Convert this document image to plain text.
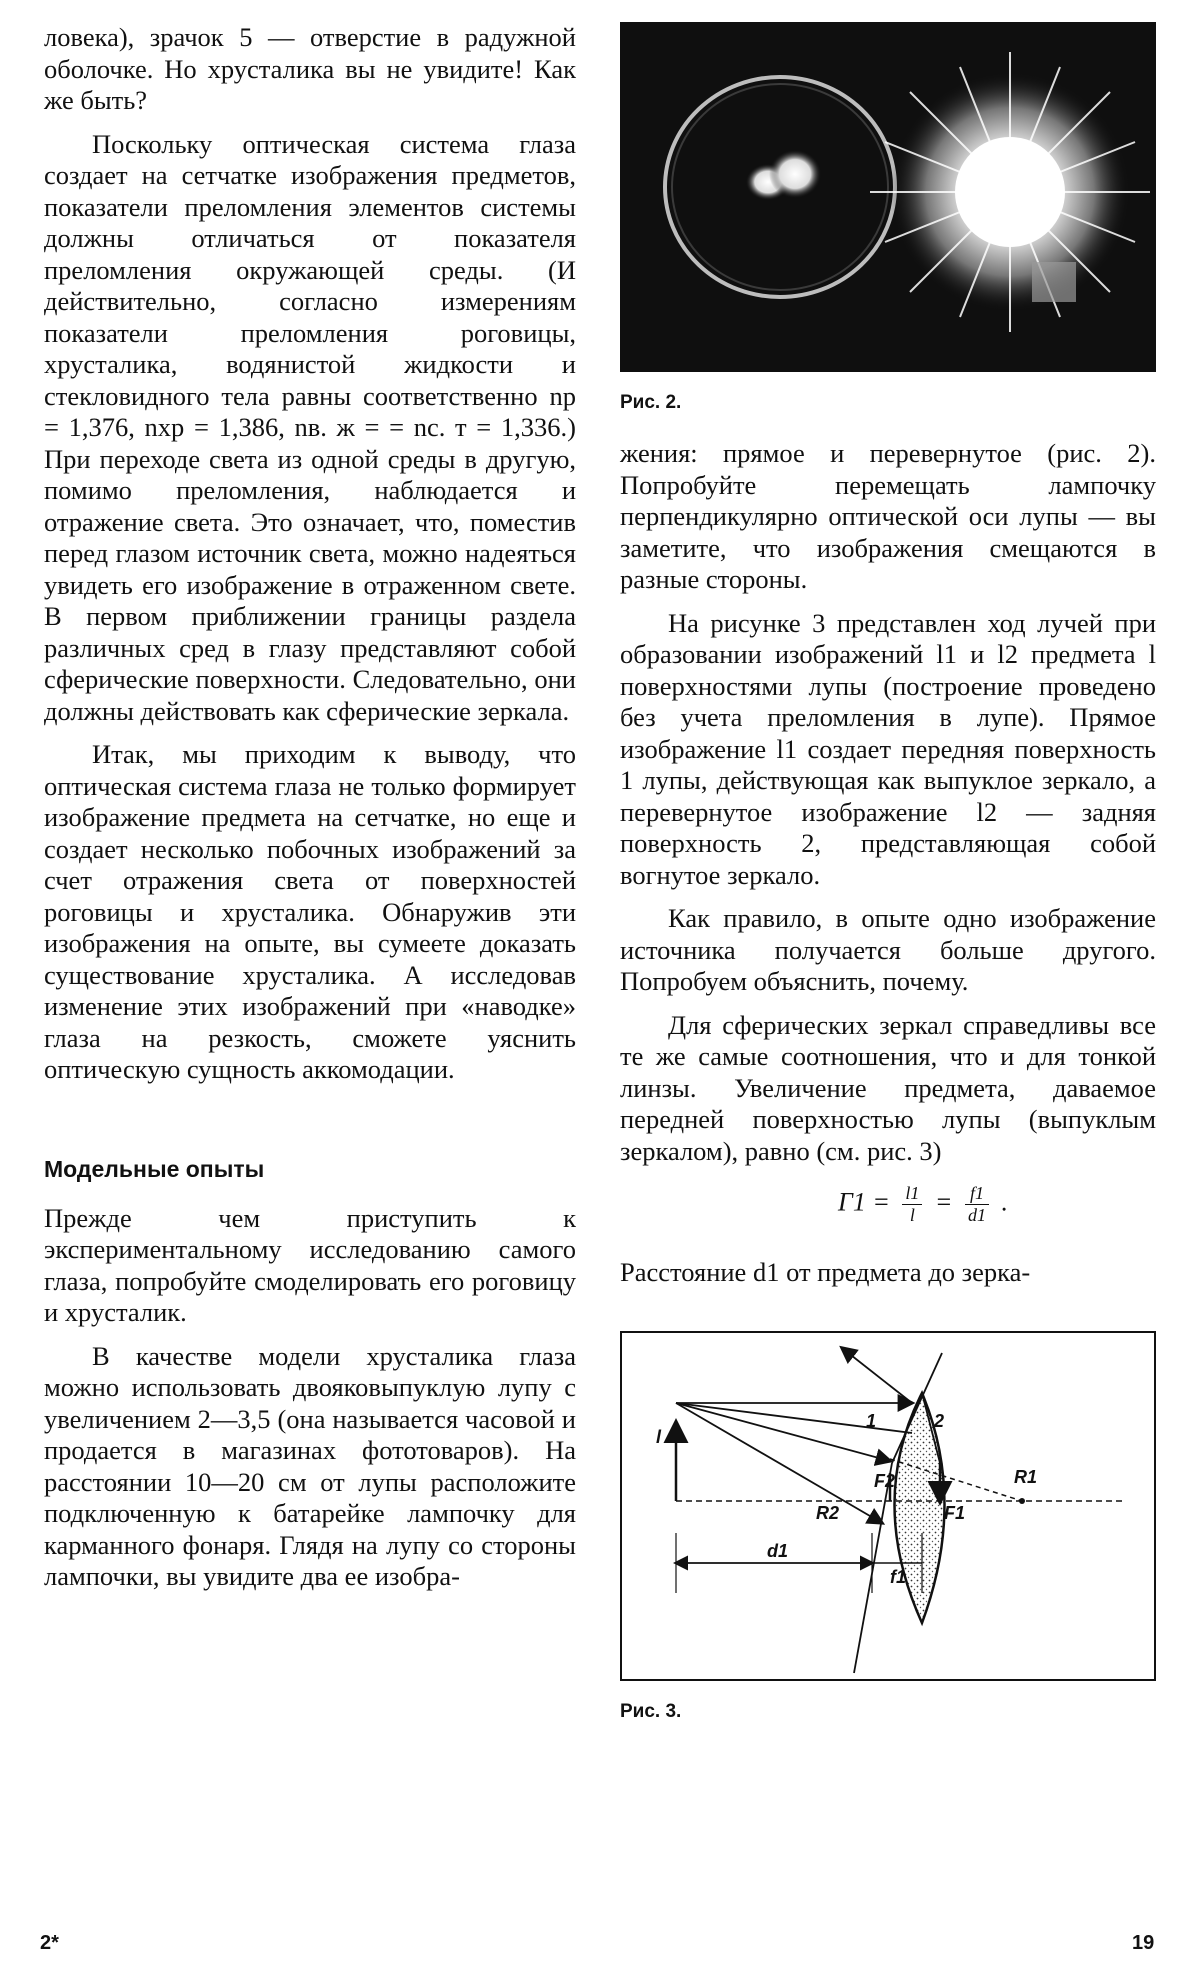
ловека), зрачок 5 — отверстие в радужной оболочке. Но хрусталика вы не увидите! Как же быть?

Поскольку оптическая система глаза создает на сетчатке изображения предметов, показатели преломления элементов системы должны отличаться от показателя преломления окружающей среды. (И действительно, согласно измерениям показатели преломления роговицы, хрусталика, водянистой жидкости и стекловидного тела равны соответственно nр = 1,376, nхр = 1,386, nв. ж = = nс. т = 1,336.) При переходе света из одной среды в другую, помимо преломления, наблюдается и отражение света. Это означает, что, поместив перед глазом источник света, можно надеяться увидеть его изображение в отраженном свете. В первом приближении границы раздела различных сред в глазу представляют собой сферические поверхности. Следовательно, они должны действовать как сферические зеркала.

Итак, мы приходим к выводу, что оптическая система глаза не только формирует изображение предмета на сетчатке, но еще и создает несколько побочных изображений за счет отражения света от поверхностей роговицы и хрусталика. Обнаружив эти изображения на опыте, вы сумеете доказать существование хрусталика. А исследовав изменение этих изображений при «наводке» глаза на резкость, сможете уяснить оптическую сущность аккомодации.

Модельные опыты

Прежде чем приступить к экспериментальному исследованию самого глаза, попробуйте смоделировать его роговицу и хрусталик.

В качестве модели хрусталика глаза можно использовать двояковыпуклую лупу с увеличением 2—3,5 (она называется часовой и продается в магазинах фототоваров). На расстоянии 10—20 см от лупы расположите подключенную к батарейке лампочку для карманного фонаря. Глядя на лупу со стороны лампочки, вы увидите два ее изобра-

Рис. 2.

жения: прямое и перевернутое (рис. 2). Попробуйте перемещать лампочку перпендикулярно оптической оси лупы — вы заметите, что изображения смещаются в разные стороны.

На рисунке 3 представлен ход лучей при образовании изображений l1 и l2 предмета l поверхностями лупы (построение проведено без учета преломления в лупе). Прямое изображение l1 создает передняя поверхность 1 лупы, действующая как выпуклое зеркало, а перевернутое изображение l2 — задняя поверхность 2, представляющая собой вогнутое зеркало.

Как правило, в опыте одно изображение источника получается больше другого. Попробуем объяснить, почему.

Для сферических зеркал справедливы все те же самые соотношения, что и для тонкой линзы. Увеличение предмета, даваемое передней поверхностью лупы (выпуклым зеркалом), равно (см. рис. 3)

$\Gamma 1 = \frac{l1}{l} = \frac{f1}{d1}$ .

Расстояние d1 от предмета до зерка-

l
1	2
R1
R2	F1
F2
d1
f1
Рис. 3.
2*	19
